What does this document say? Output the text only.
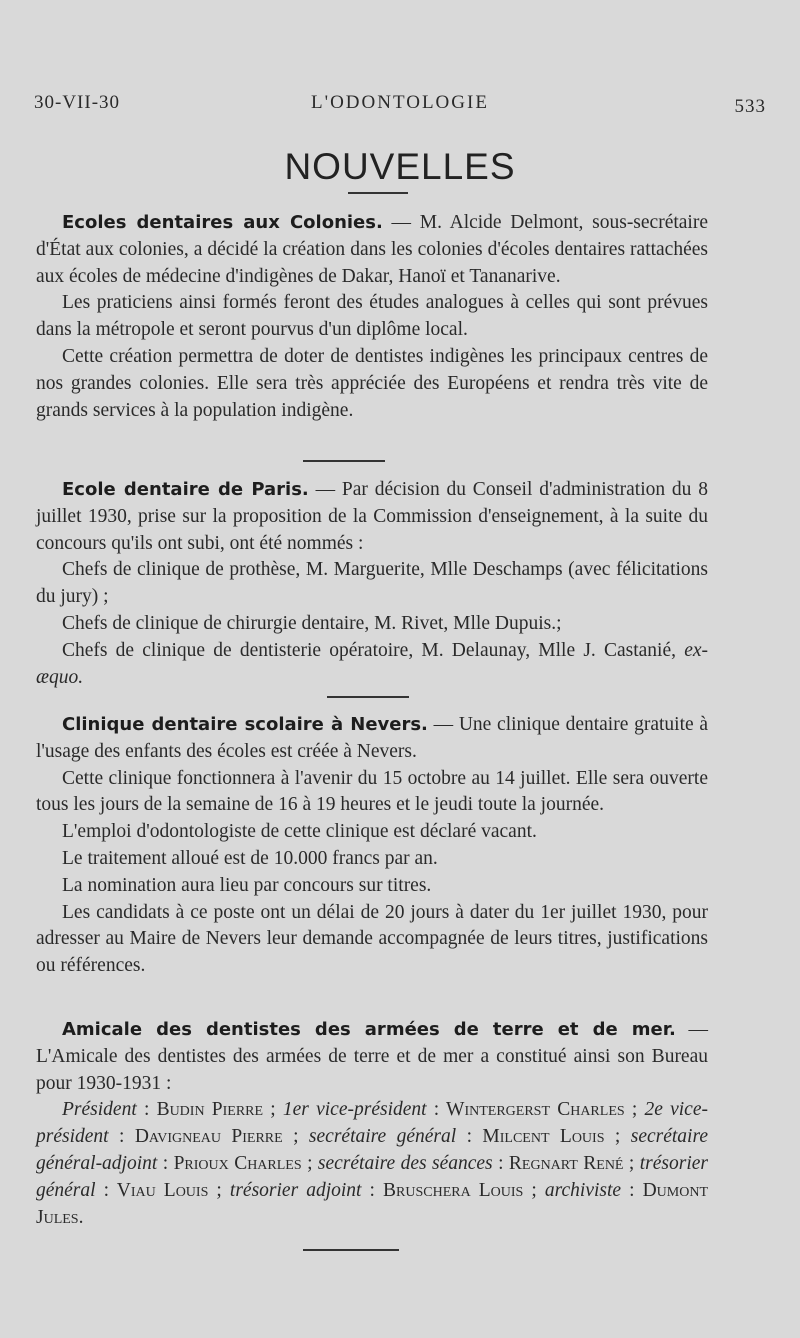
30-VII-30	L'ODONTOLOGIE	533
NOUVELLES

Ecoles dentaires aux Colonies. — M. Alcide Delmont, sous-secrétaire d'État aux colonies, a décidé la création dans les colonies d'écoles dentaires rattachées aux écoles de médecine d'indigènes de Dakar, Hanoï et Tananarive.

Les praticiens ainsi formés feront des études analogues à celles qui sont prévues dans la métropole et seront pourvus d'un diplôme local.

Cette création permettra de doter de dentistes indigènes les principaux centres de nos grandes colonies. Elle sera très appréciée des Européens et rendra très vite de grands services à la population indigène.

Ecole dentaire de Paris. — Par décision du Conseil d'administration du 8 juillet 1930, prise sur la proposition de la Commission d'enseignement, à la suite du concours qu'ils ont subi, ont été nommés :

Chefs de clinique de prothèse, M. Marguerite, Mlle Deschamps (avec félicitations du jury) ;

Chefs de clinique de chirurgie dentaire, M. Rivet, Mlle Dupuis.;

Chefs de clinique de dentisterie opératoire, M. Delaunay, Mlle J. Castanié, ex-æquo.

Clinique dentaire scolaire à Nevers. — Une clinique dentaire gratuite à l'usage des enfants des écoles est créée à Nevers.

Cette clinique fonctionnera à l'avenir du 15 octobre au 14 juillet. Elle sera ouverte tous les jours de la semaine de 16 à 19 heures et le jeudi toute la journée.

L'emploi d'odontologiste de cette clinique est déclaré vacant.

Le traitement alloué est de 10.000 francs par an.

La nomination aura lieu par concours sur titres.

Les candidats à ce poste ont un délai de 20 jours à dater du 1er juillet 1930, pour adresser au Maire de Nevers leur demande accompagnée de leurs titres, justifications ou références.

Amicale des dentistes des armées de terre et de mer. — L'Amicale des dentistes des armées de terre et de mer a constitué ainsi son Bureau pour 1930-1931 :

Président : Budin Pierre ; 1er vice-président : Wintergerst Charles ; 2e vice-président : Davigneau Pierre ; secrétaire général : Milcent Louis ; secrétaire général-adjoint : Prioux Charles ; secrétaire des séances : Regnart René ; trésorier général : Viau Louis ; trésorier adjoint : Bruschera Louis ; archiviste : Dumont Jules.
